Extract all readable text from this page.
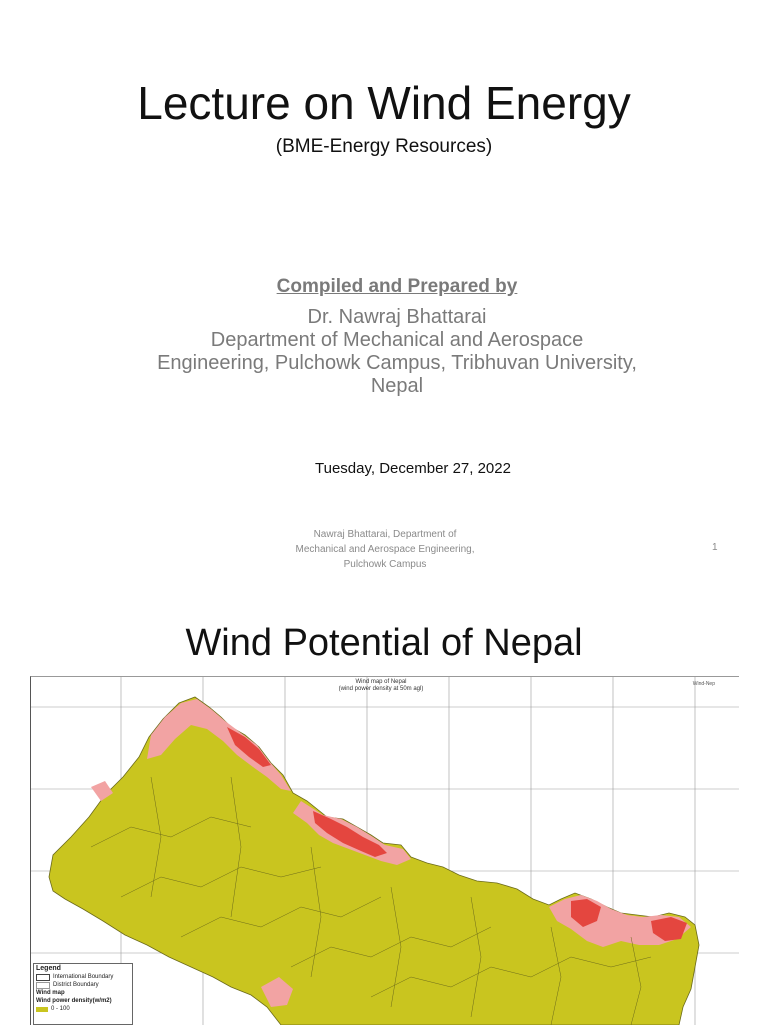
Lecture on Wind Energy
(BME-Energy Resources)
Compiled and Prepared by
Dr. Nawraj Bhattarai
Department of Mechanical and Aerospace
Engineering, Pulchowk Campus, Tribhuvan University,
Nepal
Tuesday, December 27, 2022
Nawraj Bhattarai, Department of
Mechanical and Aerospace Engineering,
Pulchowk Campus
1
Wind Potential of Nepal
Wind map of Nepal
(wind power density at 50m agl)
Wind-Nep
Legend
International Boundary
District Boundary
Wind map
Wind power density(w/m2)
0 - 100
